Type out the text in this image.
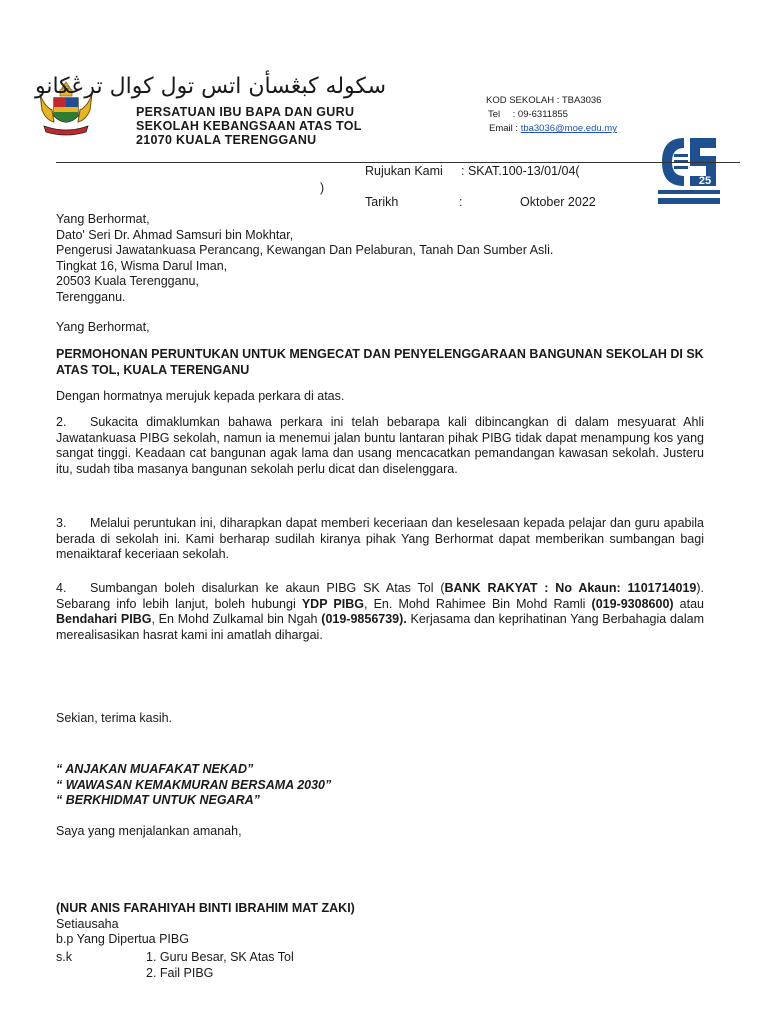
سكوله كبڠسأن اتس تول کوال ترڠکانو
PERSATUAN IBU BAPA DAN GURU
SEKOLAH KEBANGSAAN ATAS TOL
21070 KUALA TERENGGANU
KOD SEKOLAH : TBA3036
Tel : 09-6311855
Email : tba3036@moe.edu.my
25
Rujukan Kami : SKAT.100-13/01/04(
)
Tarikh	:	Oktober 2022
Yang Berhormat,
Dato' Seri Dr. Ahmad Samsuri bin Mokhtar,
Pengerusi Jawatankuasa Perancang, Kewangan Dan Pelaburan, Tanah Dan Sumber Asli.
Tingkat 16, Wisma Darul Iman,
20503 Kuala Terengganu,
Terengganu.
Yang Berhormat,
PERMOHONAN PERUNTUKAN UNTUK MENGECAT DAN PENYELENGGARAAN BANGUNAN SEKOLAH DI SK ATAS TOL, KUALA TERENGANU
Dengan hormatnya merujuk kepada perkara di atas.
2. Sukacita dimaklumkan bahawa perkara ini telah bebarapa kali dibincangkan di dalam mesyuarat Ahli Jawatankuasa PIBG sekolah, namun ia menemui jalan buntu lantaran pihak PIBG tidak dapat menampung kos yang sangat tinggi. Keadaan cat bangunan agak lama dan usang mencacatkan pemandangan kawasan sekolah. Justeru itu, sudah tiba masanya bangunan sekolah perlu dicat dan diselenggara.
3. Melalui peruntukan ini, diharapkan dapat memberi keceriaan dan keselesaan kepada pelajar dan guru apabila berada di sekolah ini. Kami berharap sudilah kiranya pihak Yang Berhormat dapat memberikan sumbangan bagi menaiktaraf keceriaan sekolah.
4. Sumbangan boleh disalurkan ke akaun PIBG SK Atas Tol (BANK RAKYAT : No Akaun: 1101714019). Sebarang info lebih lanjut, boleh hubungi YDP PIBG, En. Mohd Rahimee Bin Mohd Ramli (019-9308600) atau Bendahari PIBG, En Mohd Zulkamal bin Ngah (019-9856739). Kerjasama dan keprihatinan Yang Berbahagia dalam merealisasikan hasrat kami ini amatlah dihargai.
Sekian, terima kasih.
“ ANJAKAN MUAFAKAT NEKAD”
“ WAWASAN KEMAKMURAN BERSAMA 2030”
“ BERKHIDMAT UNTUK NEGARA”
Saya yang menjalankan amanah,
(NUR ANIS FARAHIYAH BINTI IBRAHIM MAT ZAKI)
Setiausaha
b.p Yang Dipertua PIBG
s.k	1. Guru Besar, SK Atas Tol
2. Fail PIBG
